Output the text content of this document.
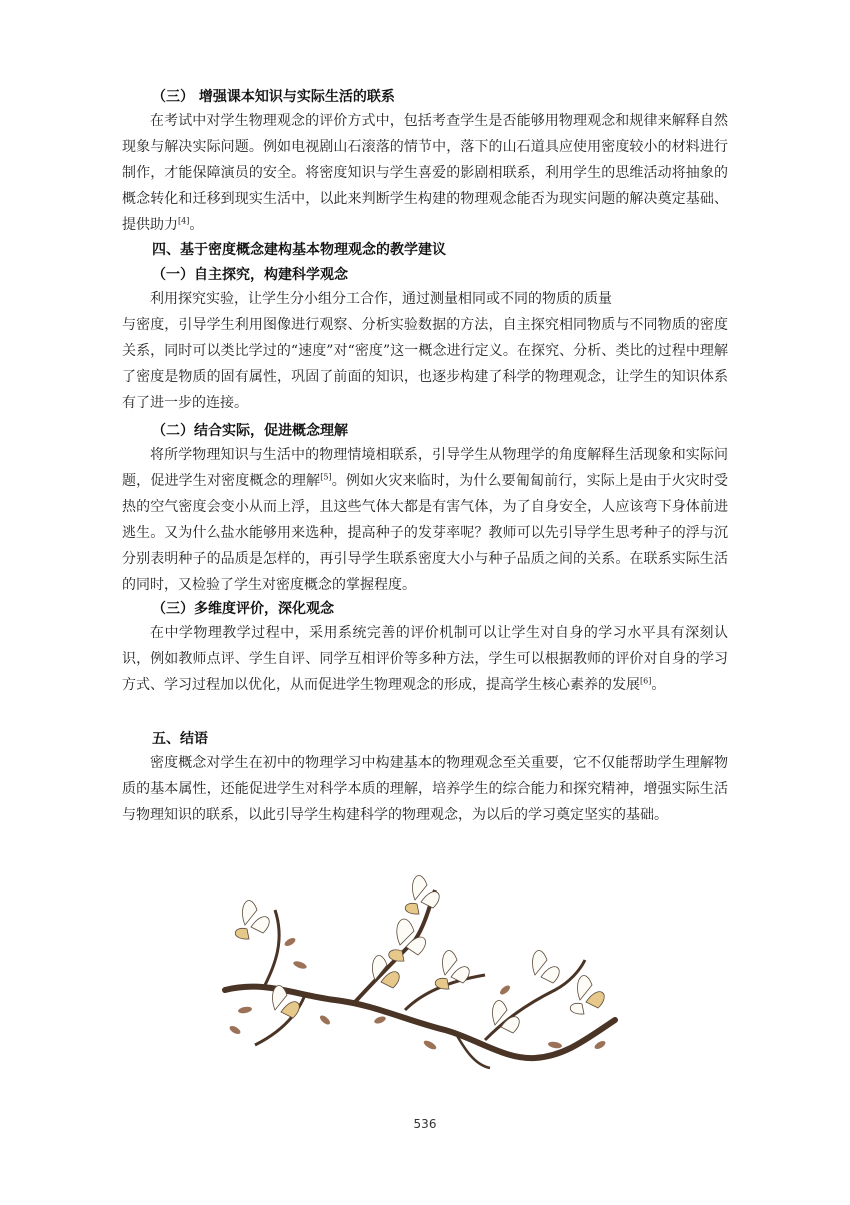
（三） 增强课本知识与实际生活的联系
在考试中对学生物理观念的评价方式中，包括考查学生是否能够用物理观念和规律来解释自然现象与解决实际问题。例如电视剧山石滚落的情节中，落下的山石道具应使用密度较小的材料进行制作，才能保障演员的安全。将密度知识与学生喜爱的影剧相联系，利用学生的思维活动将抽象的概念转化和迁移到现实生活中，以此来判断学生构建的物理观念能否为现实问题的解决奠定基础、提供助力[4]。
四、基于密度概念建构基本物理观念的教学建议
（一）自主探究，构建科学观念
利用探究实验，让学生分小组分工合作，通过测量相同或不同的物质的质量
与密度，引导学生利用图像进行观察、分析实验数据的方法，自主探究相同物质与不同物质的密度关系，同时可以类比学过的“速度”对“密度”这一概念进行定义。在探究、分析、类比的过程中理解了密度是物质的固有属性，巩固了前面的知识，也逐步构建了科学的物理观念，让学生的知识体系有了进一步的连接。
（二）结合实际，促进概念理解
将所学物理知识与生活中的物理情境相联系，引导学生从物理学的角度解释生活现象和实际问题，促进学生对密度概念的理解[5]。例如火灾来临时，为什么要匍匐前行，实际上是由于火灾时受热的空气密度会变小从而上浮，且这些气体大都是有害气体，为了自身安全，人应该弯下身体前进逃生。又为什么盐水能够用来选种，提高种子的发芽率呢？教师可以先引导学生思考种子的浮与沉分别表明种子的品质是怎样的，再引导学生联系密度大小与种子品质之间的关系。在联系实际生活的同时，又检验了学生对密度概念的掌握程度。
（三）多维度评价，深化观念
在中学物理教学过程中，采用系统完善的评价机制可以让学生对自身的学习水平具有深刻认识，例如教师点评、学生自评、同学互相评价等多种方法，学生可以根据教师的评价对自身的学习方式、学习过程加以优化，从而促进学生物理观念的形成，提高学生核心素养的发展[6]。
五、结语
密度概念对学生在初中的物理学习中构建基本的物理观念至关重要，它不仅能帮助学生理解物质的基本属性，还能促进学生对科学本质的理解，培养学生的综合能力和探究精神，增强实际生活与物理知识的联系，以此引导学生构建科学的物理观念，为以后的学习奠定坚实的基础。
536
